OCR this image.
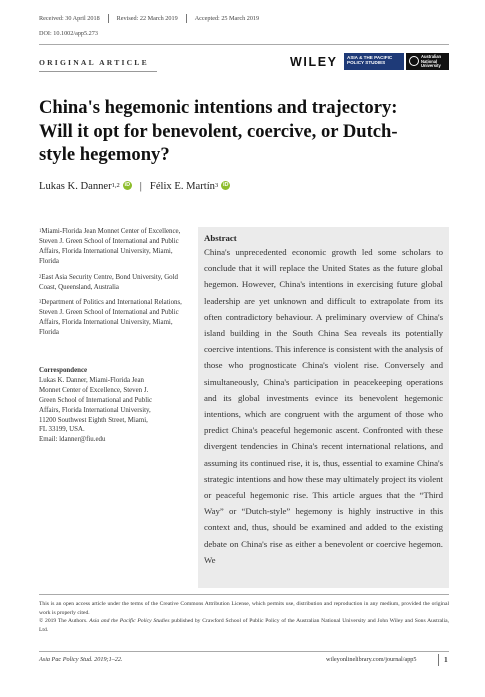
Received: 30 April 2018	Revised: 22 March 2019	Accepted: 25 March 2019
DOI: 10.1002/app5.273
ORIGINAL ARTICLE	WILEY ASIA & THE PACIFIC
POLICY STUDIES
Australian
National
University
China's hegemonic intentions and trajectory:
Will it opt for benevolent, coercive, or Dutch-
style hegemony?
Lukas K. Danner$^{1,2}$ iD | Félix E. Martín$^3$ iD

$^1$Miami-Florida Jean Monnet Center of Excellence, Steven J. Green School of International and Public Affairs, Florida International University, Miami, Florida

$^2$East Asia Security Centre, Bond University, Gold Coast, Queensland, Australia

$^3$Department of Politics and International Relations, Steven J. Green School of International and Public Affairs, Florida International University, Miami, Florida

Correspondence
Lukas K. Danner, Miami-Florida Jean
Monnet Center of Excellence, Steven J.
Green School of International and Public
Affairs, Florida International University,
11200 Southwest Eighth Street, Miami,
FL 33199, USA.
Email: ldanner@fiu.edu
Abstract
China's unprecedented economic growth led some scholars to conclude that it will replace the United States as the future global hegemon. However, China's intentions in exercising future global leadership are yet unknown and difficult to extrapolate from its often contradictory behaviour. A preliminary overview of China's island building in the South China Sea reveals its potentially coercive intentions. This inference is consistent with the analysis of those who prognosticate China's violent rise. Conversely and simultaneously, China's participation in peacekeeping operations and its global investments evince its benevolent hegemonic intentions, which are congruent with the argument of those who predict China's peaceful hegemonic ascent. Confronted with these divergent tendencies in China's recent international relations, and assuming its continued rise, it is, thus, essential to examine China's strategic intentions and how these may ultimately project its violent or peaceful hegemonic rise. This article argues that the “Third Way” or “Dutch-style” hegemony is highly instructive in this context and, thus, should be examined and added to the existing debate on China's rise as either a benevolent or coercive hegemon. We

This is an open access article under the terms of the Creative Commons Attribution License, which permits use, distribution and reproduction in any medium, provided the original work is properly cited.

© 2019 The Authors. Asia and the Pacific Policy Studies published by Crawford School of Public Policy of the Australian National University and John Wiley and Sons Australia, Ltd.

Asia Pac Policy Stud. 2019;1–22.	wileyonlinelibrary.com/journal/app5	1
